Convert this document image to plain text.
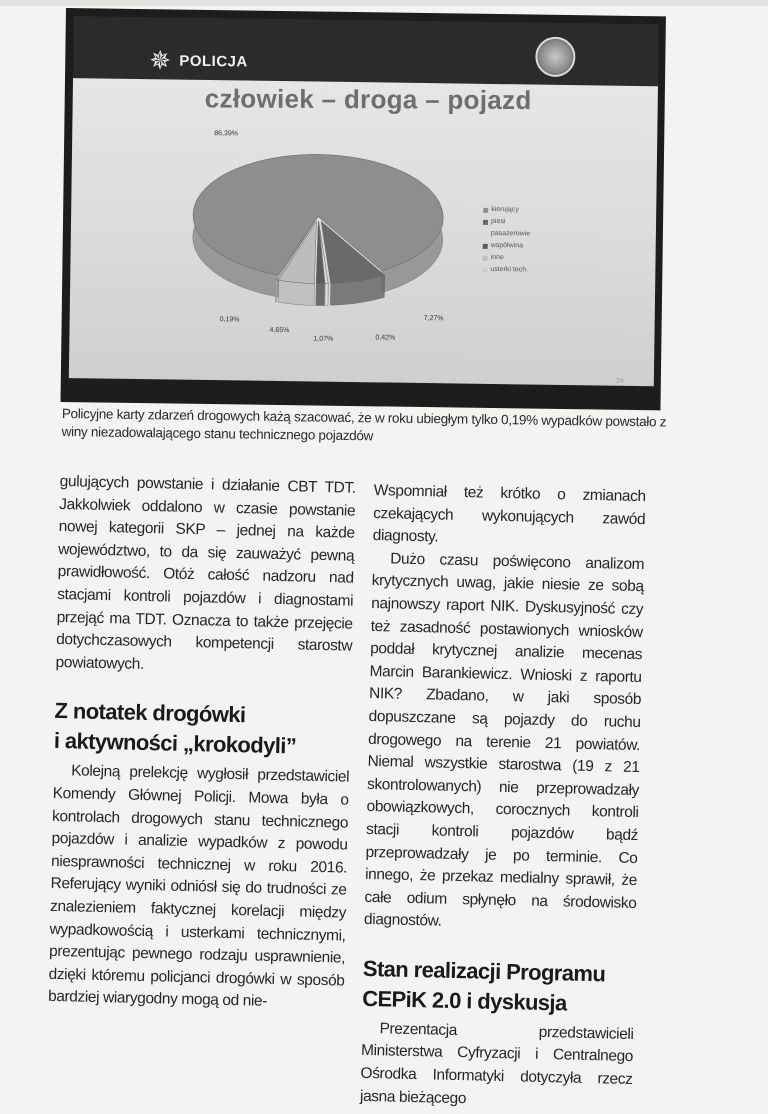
✵ POLICJA
człowiek – droga – pojazd
kierujący
piesi
pasażerowie
współwina
inne
usterki tech.
86,39%
7,27%
0,42%
1,07%
4,65%
0,19%
24
Policyjne karty zdarzeń drogowych każą szacować, że w roku ubiegłym tylko 0,19% wypadków powstało z winy niezadowalającego stanu technicznego pojazdów

gulujących powstanie i działanie CBT TDT. Jakkolwiek oddalono w czasie powstanie nowej kategorii SKP – jednej na każde województwo, to da się zauważyć pewną prawidłowość. Otóż całość nadzoru nad stacjami kontroli pojazdów i diagnostami przejąć ma TDT. Oznacza to także przejęcie dotychczasowych kompetencji starostw powiatowych.

Z notatek drogówki
i aktywności „krokodyli”

Kolejną prelekcję wygłosił przedstawiciel Komendy Głównej Policji. Mowa była o kontrolach drogowych stanu technicznego pojazdów i analizie wypadków z powodu niesprawności technicznej w roku 2016. Referujący wyniki odniósł się do trudności ze znalezieniem faktycznej korelacji między wypadkowością i usterkami technicznymi, prezentując pewnego rodzaju usprawnienie, dzięki któremu policjanci drogówki w sposób bardziej wiarygodny mogą od nie-

Wspomniał też krótko o zmianach czekających wykonujących zawód diagnosty.

Dużo czasu poświęcono analizom krytycznych uwag, jakie niesie ze sobą najnowszy raport NIK. Dyskusyjność czy też zasadność postawionych wniosków poddał krytycznej analizie mecenas Marcin Barankiewicz. Wnioski z raportu NIK? Zbadano, w jaki sposób dopuszczane są pojazdy do ruchu drogowego na terenie 21 powiatów. Niemal wszystkie starostwa (19 z 21 skontrolowanych) nie przeprowadzały obowiązkowych, corocznych kontroli stacji kontroli pojazdów bądź przeprowadzały je po terminie. Co innego, że przekaz medialny sprawił, że całe odium spłynęło na środowisko diagnostów.

Stan realizacji Programu
CEPiK 2.0 i dyskusja

Prezentacja przedstawicieli Ministerstwa Cyfryzacji i Centralnego Ośrodka Informatyki dotyczyła rzecz jasna bieżącego
